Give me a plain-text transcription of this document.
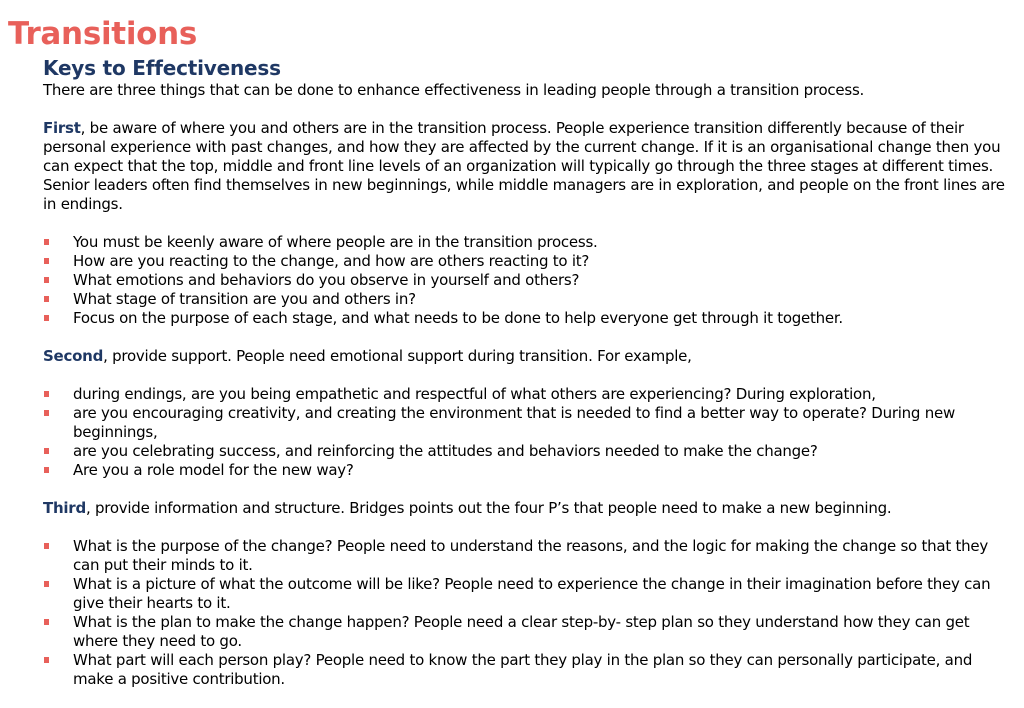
Transitions
Keys to Effectiveness

There are three things that can be done to enhance effectiveness in leading people through a transition process.

First, be aware of where you and others are in the transition process. People experience transition differently because of their personal experience with past changes, and how they are affected by the current change. If it is an organisational change then you can expect that the top, middle and front line levels of an organization will typically go through the three stages at different times. Senior leaders often find themselves in new beginnings, while middle managers are in exploration, and people on the front lines are in endings.

You must be keenly aware of where people are in the transition process.
How are you reacting to the change, and how are others reacting to it?
What emotions and behaviors do you observe in yourself and others?
What stage of transition are you and others in?
Focus on the purpose of each stage, and what needs to be done to help everyone get through it together.

Second, provide support. People need emotional support during transition. For example,

during endings, are you being empathetic and respectful of what others are experiencing? During exploration,
are you encouraging creativity, and creating the environment that is needed to find a better way to operate? During new beginnings,
are you celebrating success, and reinforcing the attitudes and behaviors needed to make the change?
Are you a role model for the new way?

Third, provide information and structure. Bridges points out the four P’s that people need to make a new beginning.

What is the purpose of the change? People need to understand the reasons, and the logic for making the change so that they can put their minds to it.
What is a picture of what the outcome will be like? People need to experience the change in their imagination before they can give their hearts to it.
What is the plan to make the change happen? People need a clear step-by- step plan so they understand how they can get where they need to go.
What part will each person play? People need to know the part they play in the plan so they can personally participate, and make a positive contribution.
